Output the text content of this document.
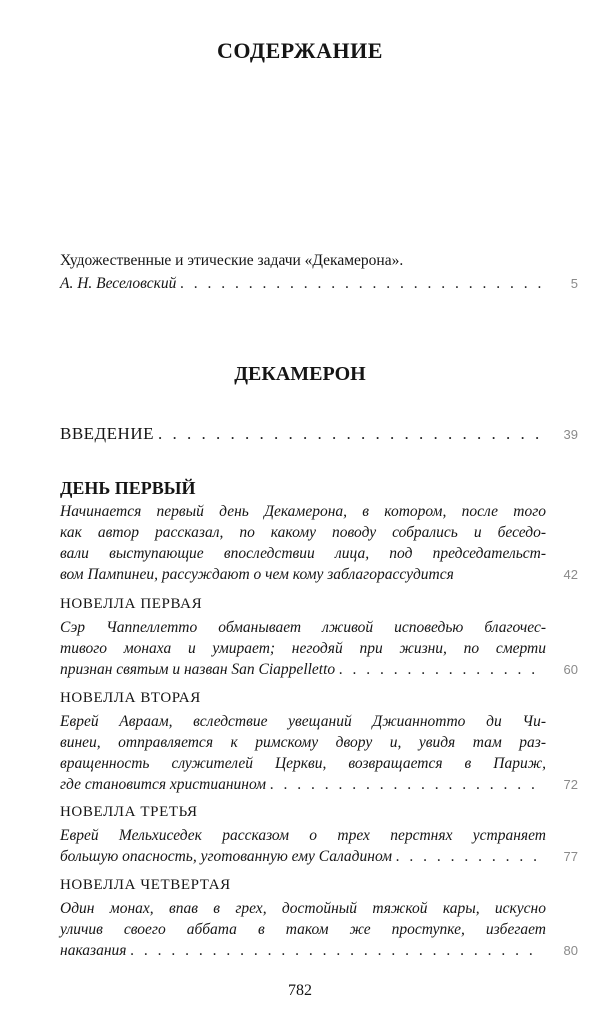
СОДЕРЖАНИЕ
Художественные и этические задачи «Декамерона».
А. Н. Веселовский . . .	5
ДЕКАМЕРОН
ВВЕДЕНИЕ . . .	39
ДЕНЬ ПЕРВЫЙ
Начинается первый день Декамерона, в котором, после того
как автор рассказал, по какому поводу собрались и беседо-
вали выступающие впоследствии лица, под председательст-
вом Пампинеи, рассуждают о чем кому заблагорассудится	42
НОВЕЛЛА ПЕРВАЯ
Сэр Чаппеллетто обманывает лживой исповедью благочес-
тивого монаха и умирает; негодяй при жизни, по смерти
признан святым и назван San Ciappelletto . . .	60
НОВЕЛЛА ВТОРАЯ
Еврей Авраам, вследствие увещаний Джианнотто ди Чи-
винеи, отправляется к римскому двору и, увидя там раз-
вращенность служителей Церкви, возвращается в Париж,
где становится христианином . . .	72
НОВЕЛЛА ТРЕТЬЯ
Еврей Мельхиседек рассказом о трех перстнях устраняет
большую опасность, уготованную ему Саладином . . .	77
НОВЕЛЛА ЧЕТВЕРТАЯ
Один монах, впав в грех, достойный тяжкой кары, искусно
уличив своего аббата в таком же проступке, избегает
наказания . . .	80
782
